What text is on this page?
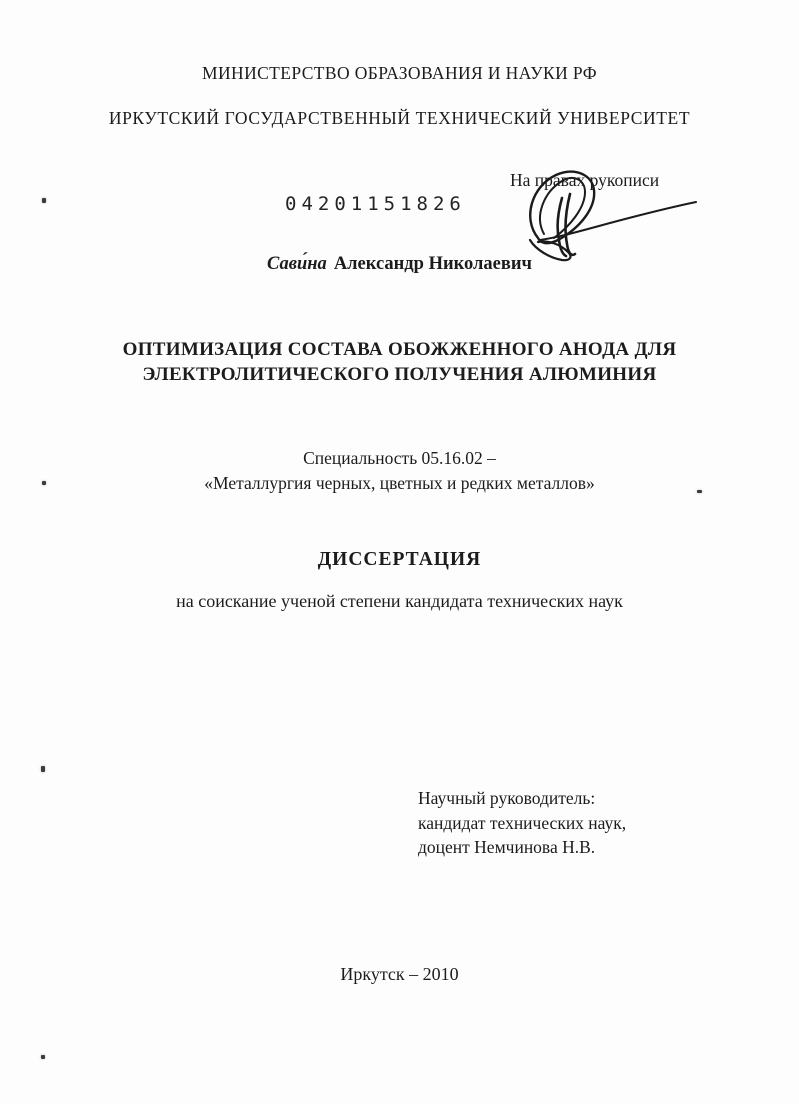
МИНИСТЕРСТВО ОБРАЗОВАНИЯ И НАУКИ РФ
ИРКУТСКИЙ ГОСУДАРСТВЕННЫЙ ТЕХНИЧЕСКИЙ УНИВЕРСИТЕТ
На правах рукописи
04201151826
Сави́на Александр Николаевич
ОПТИМИЗАЦИЯ СОСТАВА ОБОЖЖЕННОГО АНОДА ДЛЯ
ЭЛЕКТРОЛИТИЧЕСКОГО ПОЛУЧЕНИЯ АЛЮМИНИЯ
Специальность 05.16.02 –
«Металлургия черных, цветных и редких металлов»
ДИССЕРТАЦИЯ
на соискание ученой степени кандидата технических наук
Научный руководитель:
кандидат технических наук,
доцент Немчинова Н.В.
Иркутск – 2010
